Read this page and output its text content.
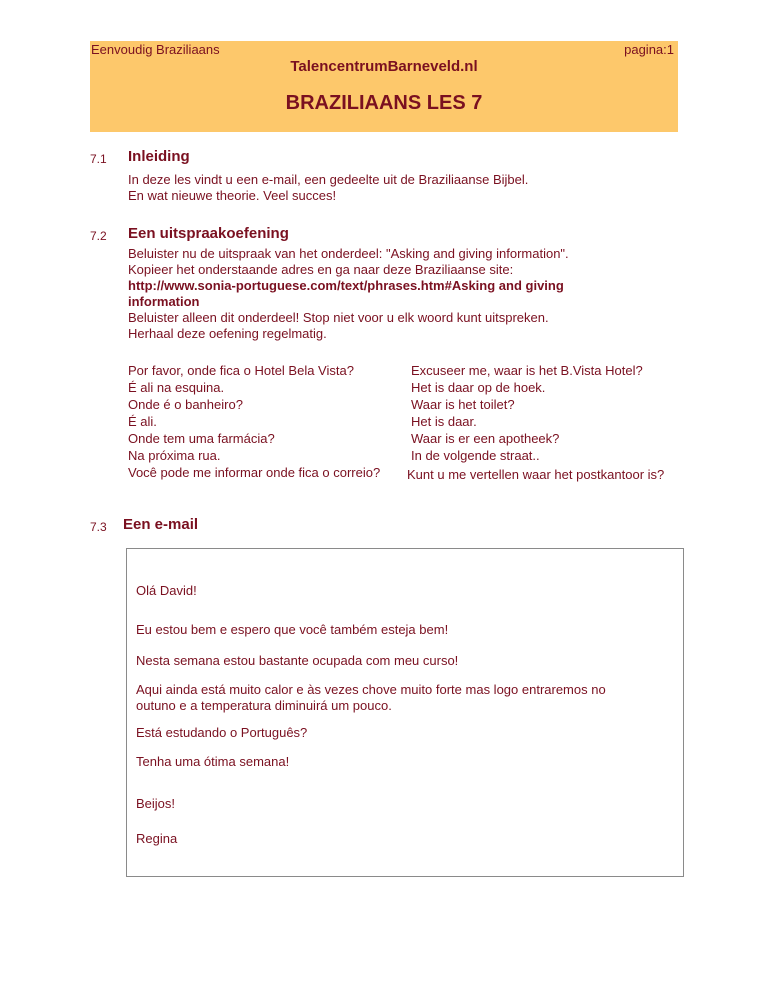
Eenvoudig Braziliaans	pagina:1
TalencentrumBarneveld.nl
BRAZILIAANS LES 7
7.1 Inleiding
In deze les vindt u een e-mail, een gedeelte uit de Braziliaanse Bijbel.
En wat nieuwe theorie. Veel succes!
7.2 Een uitspraakoefening
Beluister nu de uitspraak van het onderdeel: "Asking and giving information".
Kopieer het onderstaande adres en ga naar deze Braziliaanse site:
http://www.sonia-portuguese.com/text/phrases.htm#Asking and giving
information
Beluister alleen dit onderdeel! Stop niet voor u elk woord kunt uitspreken.
Herhaal deze oefening regelmatig.
Por favor, onde fica o Hotel Bela Vista?	Excuseer me, waar is het B.Vista Hotel?
É ali na esquina.	Het is daar op de hoek.
Onde é o banheiro?	Waar is het toilet?
É ali.	Het is daar.
Onde tem uma farmácia?	Waar is er een apotheek?
Na próxima rua.	In de volgende straat..
Você pode me informar onde fica o correio? Kunt u me vertellen waar het postkantoor is?
7.3 Een e-mail
Olá David!
Eu estou bem e espero que você também esteja bem!
Nesta semana estou bastante ocupada com meu curso!
Aqui ainda está muito calor e às vezes chove muito forte mas logo entraremos no
outuno e a temperatura diminuirá um pouco.
Está estudando o Português?
Tenha uma ótima semana!
Beijos!
Regina
